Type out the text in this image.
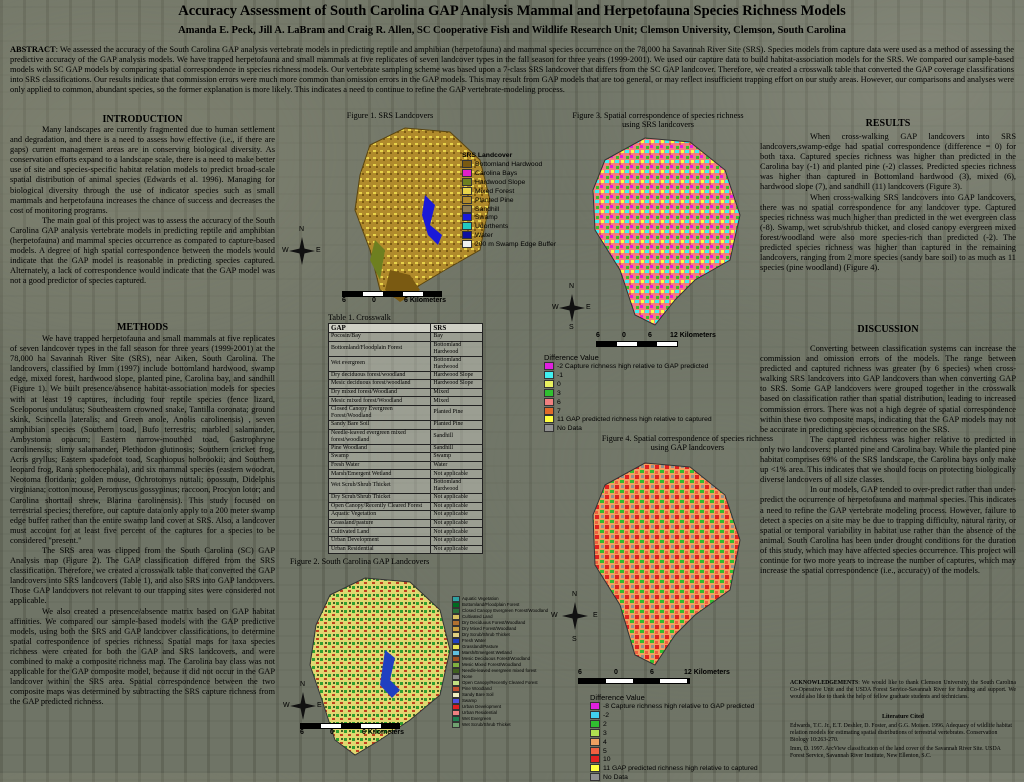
Accuracy Assessment of South Carolina GAP Analysis Mammal and Herpetofauna Species Richness Models
Amanda E. Peck, Jill A. LaBram and Craig R. Allen, SC Cooperative Fish and Wildlife Research Unit; Clemson University, Clemson, South Carolina
ABSTRACT: We assessed the accuracy of the South Carolina GAP analysis vertebrate models in predicting reptile and amphibian (herpetofauna) and mammal species occurrence on the 78,000 ha Savannah River Site (SRS). Species models from capture data were used as a method of assessing the predictive accuracy of the GAP analysis models. We have trapped herpetofauna and small mammals at five replicates of seven landcover types in the fall season for three years (1999-2001). We used our capture data to build habitat-association models for the SRS. We compared our sample-based models with SC GAP models by comparing spatial correspondence in species richness models. Our vertebrate sampling scheme was based upon a 7-class SRS landcover that differs from the SC GAP landcover. Therefore, we created a crosswalk table that converted the GAP coverage classifications into SRS classifications. Our results indicate that commission errors were much more common than omission errors in the GAP models. This may result from GAP models that are too general, or may reflect insufficient trapping effort on our study areas. However, our comparisons and analyses were only applied to common, abundant species, so the former explanation is more likely. This indicates a need to continue to refine the GAP vertebrate-modeling process.
INTRODUCTION
Many landscapes are currently fragmented due to human settlement and degradation, and there is a need to assess how effective (i.e., if there are gaps) current management areas are in conserving biological diversity. As conservation efforts expand to a landscape scale, there is a need to make better use of site and species-specific habitat relation models to predict broad-scale spatial distribution of animal species (Edwards et al. 1996). Managing for biological diversity through the use of indicator species such as small mammals and herpetofauna increases the chance of success and decreases the cost of monitoring programs.
The main goal of this project was to assess the accuracy of the South Carolina GAP analysis vertebrate models in predicting reptile and amphibian (herpetofauna) and mammal species occurrence as compared to capture-based models. A degree of high spatial correspondence between the models would indicate that the GAP model is reasonable in predicting species captured. Alternately, a lack of correspondence would indicate that the GAP model was not a good predictor of species captured.
METHODS
We have trapped herpetofauna and small mammals at five replicates of seven landcover types in the fall season for three years (1999-2001) at the 78,000 ha Savannah River Site (SRS), near Aiken, South Carolina. The landcovers, classified by Imm (1997) include bottomland hardwood, swamp edge, mixed forest, hardwood slope, planted pine, Carolina bay, and sandhill (Figure 1). We built presence/absence habitat-association models for species with at least 19 captures, including four reptile species (fence lizard, Sceloporus undulatus; Southeastern crowned snake, Tantilla coronata; ground skink, Scincella lateralis; and Green anole, Anolis carolinensis) , seven amphibian species (Southern toad, Bufo terrestris; marbled salamander, Ambystoma opacum; Eastern narrow-mouthed toad, Gastrophryne carolinensis; slimy salamander, Plethodon glutinosis; Southern cricket frog, Acris gryllus; Eastern spadefoot toad, Scaphiopus holbrookii; and Southern leopard frog, Rana sphenocephala), and six mammal species (eastern woodrat, Neotoma floridana; golden mouse, Ochrotomys nuttali; opossum, Didelphis virginiana; cotton mouse, Peromyscus gossypinus; raccoon, Procyon lotor; and Carolina shorttail shrew, Blarina carolinensis). This study focused on terrestrial species; therefore, our capture data only apply to a 200 meter swamp edge buffer rather than the entire swamp land cover at SRS. Also, a landcover must account for at least five percent of the captures for a species to be considered "present."
The SRS area was clipped from the South Carolina (SC) GAP Analysis map (Figure 2). The GAP classification differed from the SRS classification. Therefore, we created a crosswalk table that converted the GAP landcovers into SRS landcovers (Table 1), and also SRS into GAP landcovers. Those GAP landcovers not relevant to our trapping sites were considered not applicable.
We also created a presence/absence matrix based on GAP habitat affinities. We compared our sample-based models with the GAP predictive models, using both the SRS and GAP landcover classifications, to determine spatial correspondence of species richness. Spatial maps for taxa species richness were created for both the GAP and SRS landcovers, and were combined to make a composite richness map. The Carolina bay class was not applicable for the GAP composite model, because it did not occur in the GAP landcover within the SRS area. Spatial correspondence between the two composite maps was determined by subtracting the SRS capture richness from the GAP predicted richness.
Figure 1. SRS Landcovers
SRS Landcover
Bottomland Hardwood
Carolina Bays
Hardwood Slope
Mixed Forest
Planted Pine
Sandhill
Swamp
Udorthents
Water
200 m Swamp Edge Buffer
N
W	E
6	0	6 Kilometers
Table 1. Crosswalk
GAP	SRS
Pocosin/Bay	Bay
Bottomland/Floodplain Forest	Bottomland Hardwood
Wet evergreen	Bottomland Hardwood
Dry deciduous forest/woodland	Hardwood Slope
Mesic deciduous forest/woodland	Hardwood Slope
Dry mixed forest/Woodland	Mixed
Mesic mixed forest/Woodland	Mixed
Closed Canopy Evergreen Forest/Woodland	Planted Pine
Sandy Bare Soil	Planted Pine
Needle-leaved evergreen mixed forest/woodland	Sandhill
Pine Woodland	Sandhill
Swamp	Swamp
Fresh Water	Water
Marsh/Emergent Wetland	Not applicable
Wet Scrub/Shrub Thicket	Bottomland Hardwood
Dry Scrub/Shrub Thicket	Not applicable
Open Canopy/Recently Cleared Forest	Not applicable
Aquatic Vegetation	Not applicable
Grassland/pasture	Not applicable
Cultivated Land	Not applicable
Urban Development	Not applicable
Urban Residential	Not applicable
Figure 2. South Carolina GAP Landcovers
Aquatic Vegetation
Bottomland/Floodplain Forest
Closed Canopy Evergreen Forest/Woodland
Cultivated Land
Dry Deciduous Forest/Woodland
Dry Mixed Forest/Woodland
Dry Scrub/Shrub Thicket
Fresh Water
Grassland/Pasture
Marsh/Emergent Wetland
Mesic Deciduous Forest/Woodland
Mesic Mixed Forest/Woodland
Needle-leaved evergreen mixed forest
None
Open Canopy/Recently Cleared Forest
Pine Woodland
Sandy Bare Soil
Swamp
Urban Development
Urban Residential
Wet Evergreen
Wet Scrub/Shrub Thicket
N
W	E
6	0	6 Kilometers
Figure 3. Spatial correspondence of species richness using SRS landcovers
N
W	E
S
6	0	6	12 Kilometers
Difference Value
-2 Capture richness high relative to GAP predicted
-1
0
3
6
7
11 GAP predicted richness high relative to captured
No Data
Figure 4. Spatial correspondence of species richness using GAP landcovers
N
W	E
S
6	0	6	12 Kilometers
Difference Value
-8 Capture richness high relative to GAP predicted
-2
2
3
4
5
10
11 GAP predicted richness high relative to captured
No Data
RESULTS
When cross-walking GAP landcovers into SRS landcovers,swamp-edge had spatial correspondence (difference = 0) for both taxa. Captured species richness was higher than predicted in the Carolina bay (-1) and planted pine (-2) classes. Predicted species richness was higher than captured in Bottomland hardwood (3), mixed (6), hardwood slope (7), and sandhill (11) landcovers (Figure 3).
When cross-walking SRS landcovers into GAP landcovers, there was no spatial correspondence for any landcover type. Captured species richness was much higher than predicted in the wet evergreen class (-8). Swamp, wet scrub/shrub thicket, and closed canopy evergreen mixed forest/woodland were also more species-rich than predicted (-2). The predicted species richness was higher than captured in the remaining landcovers, ranging from 2 more species (sandy bare soil) to as much as 11 species (pine woodland) (Figure 4).
DISCUSSION
Converting between classification systems can increase the commission and omission errors of the models. The range between predicted and captured richness was greater (by 6 species) when cross-walking SRS landcovers into GAP landcovers than when converting GAP to SRS. Some GAP landcovers were grouped together in the crosswalk based on classification rather than spatial distribution, leading to increased commission errors. There was not a high degree of spatial correspondence within these two composite maps, indicating that the GAP models may not be accurate in predicting species occurrence on the SRS.
The captured richness was higher relative to predicted in only two landcovers: planted pine and Carolina bay. While the planted pine habitat comprises 69% of the SRS landscape, the Carolina bays only make up <1% area. This indicates that we should focus on protecting biologically diverse landcovers of all size classes.
In our models, GAP tended to over-predict rather than under-predict the occurrence of herpetofauna and mammal species. This indicates a need to refine the GAP vertebrate modeling process. However, failure to detect a species on a site may be due to trapping difficulty, natural rarity, or spatial or temporal variability in habitat use rather than the absence of the animal. South Carolina has been under drought conditions for the duration of this study, which may have affected species occurrence. This project will continue for two more years to increase the number of captures, which may increase the spatial correspondence (i.e., accuracy) of the models.
ACKNOWLEDGEMENTS: We would like to thank Clemson University, the South Carolina Co-Operative Unit and the USDA Forest Service-Savannah River for funding and support. We would also like to thank the help of fellow graduate students and technicians.
Literature Cited
Edwards, T.C. Jr., E.T. Deshler, D. Foster, and G.G. Moisen. 1996. Adequacy of wildlife habitat relation models for estimating spatial distributions of terrestrial vertebrates. Conservation Biology 10:263-270.
Imm, D. 1997. ArcView classification of the land cover of the Savannah River Site. USDA Forest Service, Savannah River Institute, New Ellenton, S.C.
